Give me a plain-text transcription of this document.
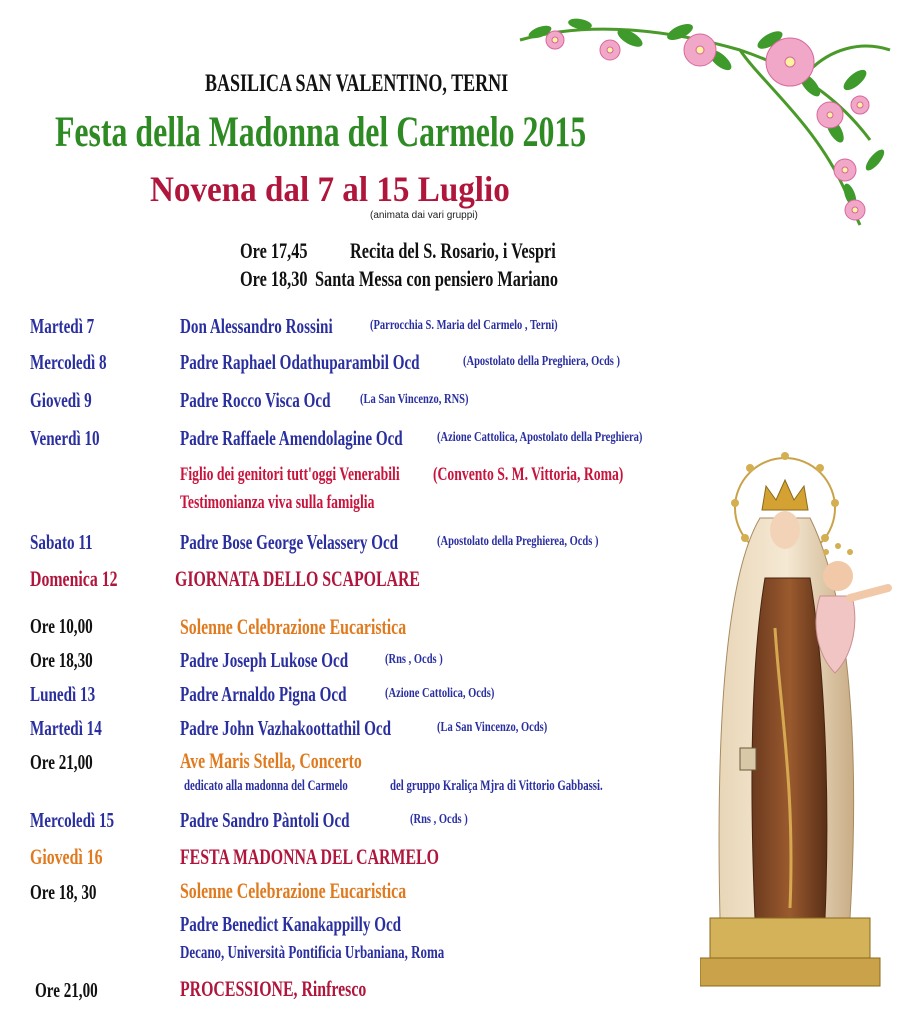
BASILICA SAN VALENTINO, TERNI
Festa della Madonna del Carmelo 2015
Novena dal 7 al 15 Luglio
(animata dai vari gruppi)
Ore 17,45	Recita del S. Rosario, i Vespri
Ore 18,30 Santa Messa con pensiero Mariano
Martedì 7	Don Alessandro Rossini	(Parrocchia S. Maria del Carmelo , Terni)
Mercoledì 8	Padre Raphael Odathuparambil Ocd	(Apostolato della Preghiera, Ocds )
Giovedì 9	Padre Rocco Visca Ocd	(La San Vincenzo, RNS)
Venerdì 10	Padre Raffaele Amendolagine Ocd	(Azione Cattolica, Apostolato della Preghiera)
Figlio dei genitori tutt'oggi Venerabili	(Convento S. M. Vittoria, Roma)
Testimonianza viva sulla famiglia
Sabato 11	Padre Bose George Velassery Ocd	(Apostolato della Preghierea, Ocds )
Domenica 12	GIORNATA DELLO SCAPOLARE
Ore 10,00	Solenne Celebrazione Eucaristica
Ore 18,30	Padre Joseph Lukose Ocd	(Rns , Ocds )
Lunedì 13	Padre Arnaldo Pigna Ocd	(Azione Cattolica, Ocds)
Martedì 14	Padre John Vazhakoottathil Ocd	(La San Vincenzo, Ocds)
Ore 21,00	Ave Maris Stella, Concerto
dedicato alla madonna del Carmelo	del gruppo Kraliça Mjra di Vittorio Gabbassi.
Mercoledì 15	Padre Sandro Pàntoli Ocd	(Rns , Ocds )
Giovedì 16	FESTA MADONNA DEL CARMELO
Ore 18, 30	Solenne Celebrazione Eucaristica
Padre Benedict Kanakappilly Ocd
Decano, Università Pontificia Urbaniana, Roma
Ore 21,00	PROCESSIONE, Rinfresco
